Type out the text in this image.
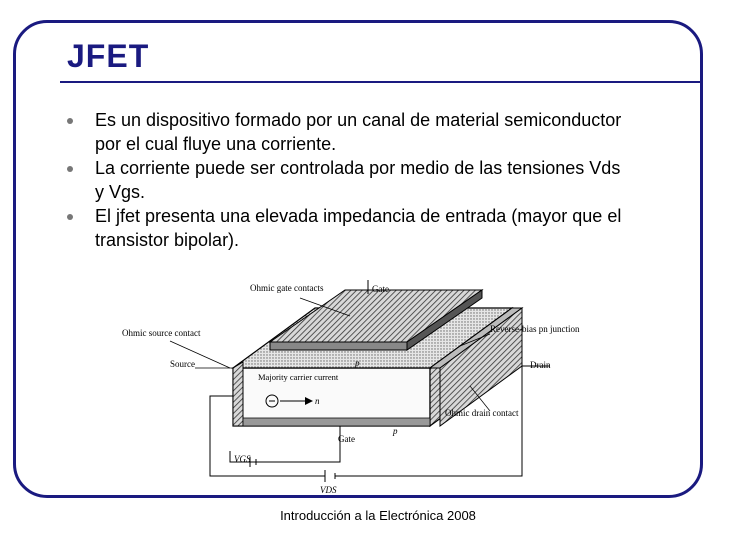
JFET
Es un dispositivo formado por un canal de material semiconductor por el cual fluye una corriente.
La corriente puede ser controlada por medio de las tensiones Vds y Vgs.
El jfet presenta una elevada impedancia de entrada (mayor que el transistor bipolar).
Ohmic gate contacts	Gate
Ohmic source contact	Reverse-bias pn junction
Source	Drain
Majority carrier current
n
p
p
Ohmic drain contact
Gate
VGS
VDS
Introducción a la Electrónica 2008
